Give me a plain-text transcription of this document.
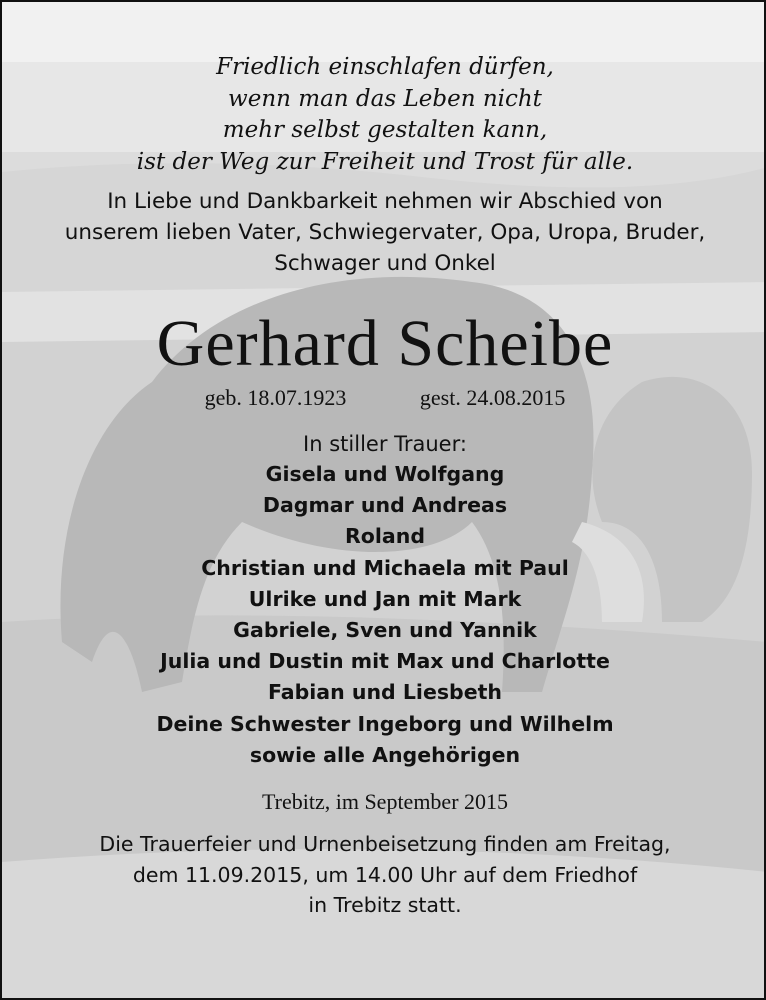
Friedlich einschlafen dürfen,
wenn man das Leben nicht
mehr selbst gestalten kann,
ist der Weg zur Freiheit und Trost für alle.
In Liebe und Dankbarkeit nehmen wir Abschied von
unserem lieben Vater, Schwiegervater, Opa, Uropa, Bruder,
Schwager und Onkel
Gerhard Scheibe
geb. 18.07.1923	gest. 24.08.2015
In stiller Trauer:
Gisela und Wolfgang
Dagmar und Andreas
Roland
Christian und Michaela mit Paul
Ulrike und Jan mit Mark
Gabriele, Sven und Yannik
Julia und Dustin mit Max und Charlotte
Fabian und Liesbeth
Deine Schwester Ingeborg und Wilhelm
sowie alle Angehörigen
Trebitz, im September 2015
Die Trauerfeier und Urnenbeisetzung finden am Freitag,
dem 11.09.2015, um 14.00 Uhr auf dem Friedhof
in Trebitz statt.
